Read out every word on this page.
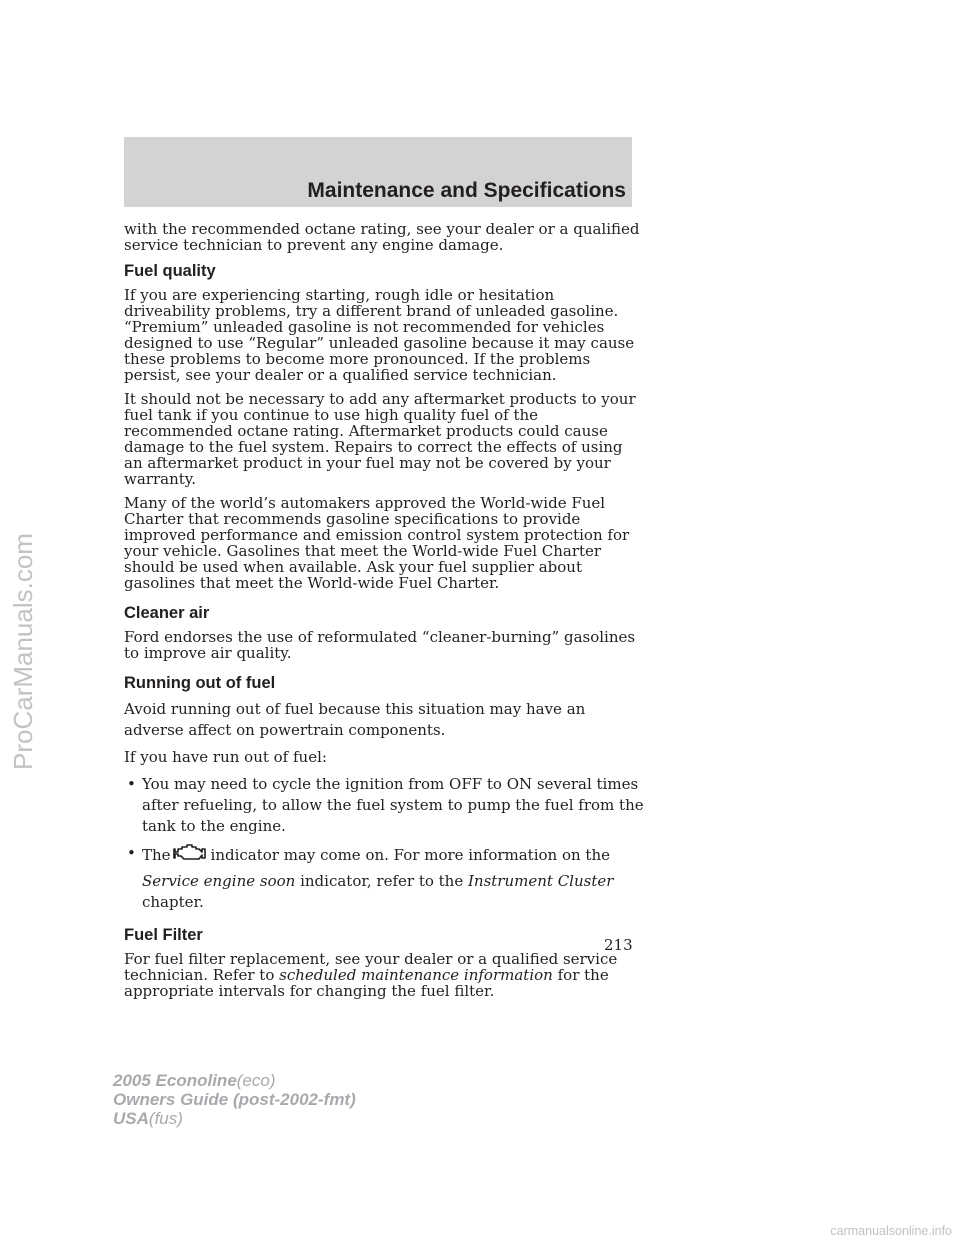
Maintenance and Specifications

with the recommended octane rating, see your dealer or a qualified service technician to prevent any engine damage.

Fuel quality

If you are experiencing starting, rough idle or hesitation driveability problems, try a different brand of unleaded gasoline. “Premium” unleaded gasoline is not recommended for vehicles designed to use “Regular” unleaded gasoline because it may cause these problems to become more pronounced. If the problems persist, see your dealer or a qualified service technician.

It should not be necessary to add any aftermarket products to your fuel tank if you continue to use high quality fuel of the recommended octane rating. Aftermarket products could cause damage to the fuel system. Repairs to correct the effects of using an aftermarket product in your fuel may not be covered by your warranty.

Many of the world’s automakers approved the World-wide Fuel Charter that recommends gasoline specifications to provide improved performance and emission control system protection for your vehicle. Gasolines that meet the World-wide Fuel Charter should be used when available. Ask your fuel supplier about gasolines that meet the World-wide Fuel Charter.

Cleaner air

Ford endorses the use of reformulated “cleaner-burning” gasolines to improve air quality.

Running out of fuel

Avoid running out of fuel because this situation may have an adverse affect on powertrain components.

If you have run out of fuel:

• You may need to cycle the ignition from OFF to ON several times after refueling, to allow the fuel system to pump the fuel from the tank to the engine.
• The	indicator may come on. For more information on the
Service engine soon indicator, refer to the Instrument Cluster chapter.
Fuel Filter

For fuel filter replacement, see your dealer or a qualified service technician. Refer to scheduled maintenance information for the appropriate intervals for changing the fuel filter.

213
2005 Econoline(eco)
Owners Guide (post-2002-fmt)
USA(fus)
ProCarManuals.com
carmanualsonline.info
